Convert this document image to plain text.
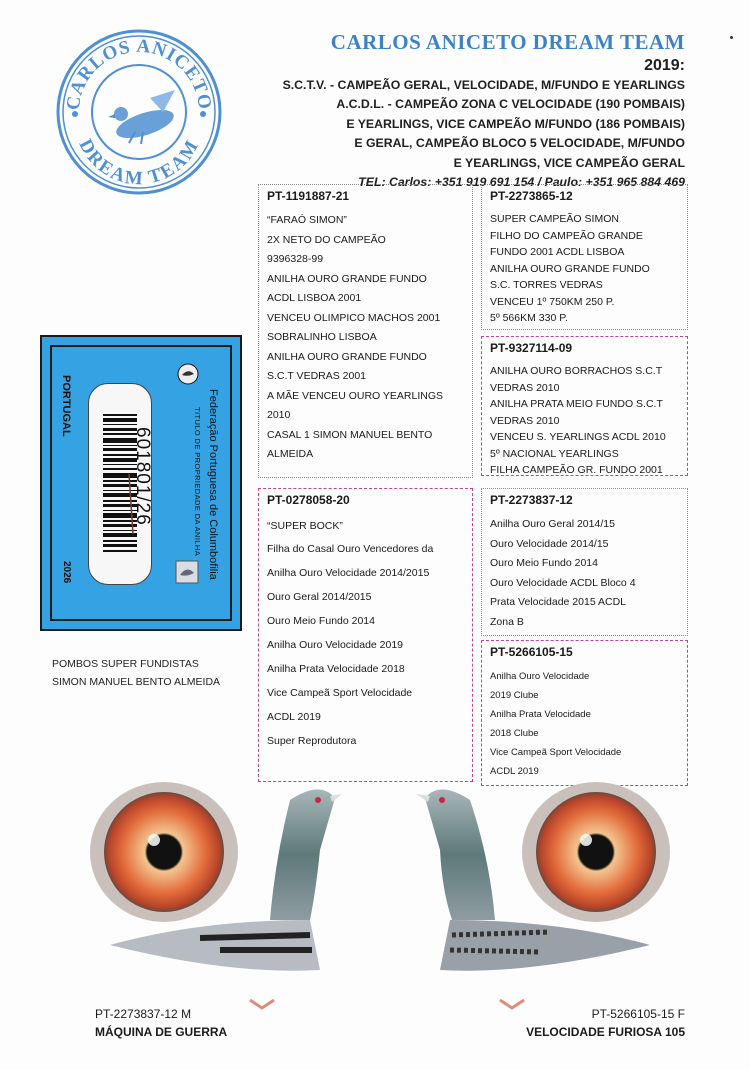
CARLOS ANICETO
DREAM TEAM
CARLOS ANICETO DREAM TEAM
2019:
S.C.T.V. - CAMPEÃO GERAL, VELOCIDADE, M/FUNDO E YEARLINGS
A.C.D.L. - CAMPEÃO ZONA C VELOCIDADE (190 POMBAIS)
E YEARLINGS, VICE CAMPEÃO M/FUNDO (186 POMBAIS)
E GERAL, CAMPEÃO BLOCO 5 VELOCIDADE, M/FUNDO
E YEARLINGS, VICE CAMPEÃO GERAL
TEL: Carlos: +351 919 691 154 / Paulo: +351 965 884 469
PT-1191887-21
“FARAÓ SIMON”
2X NETO DO CAMPEÃO
9396328-99
ANILHA OURO GRANDE FUNDO
ACDL LISBOA 2001
VENCEU OLIMPICO MACHOS 2001
SOBRALINHO LISBOA
ANILHA OURO GRANDE FUNDO
S.C.T VEDRAS 2001
A MÃE VENCEU OURO YEARLINGS
2010
CASAL 1 SIMON MANUEL BENTO
ALMEIDA
PT-2273865-12
SUPER CAMPEÃO SIMON
FILHO DO CAMPEÃO GRANDE
FUNDO 2001 ACDL LISBOA
ANILHA OURO GRANDE FUNDO
S.C. TORRES VEDRAS
VENCEU 1º 750KM 250 P.
5º 566KM 330 P.
PT-9327114-09
ANILHA OURO BORRACHOS S.C.T
VEDRAS 2010
ANILHA PRATA MEIO FUNDO S.C.T
VEDRAS 2010
VENCEU S. YEARLINGS ACDL 2010
5º NACIONAL YEARLINGS
FILHA CAMPEÃO GR. FUNDO 2001
PT-0278058-20
“SUPER BOCK”
Filha do Casal Ouro Vencedores da
Anilha Ouro Velocidade 2014/2015
Ouro Geral 2014/2015
Ouro Meio Fundo 2014
Anilha Ouro Velocidade 2019
Anilha Prata Velocidade 2018
Vice Campeã Sport Velocidade
ACDL 2019
Super Reprodutora
PT-2273837-12
Anilha Ouro Geral 2014/15
Ouro Velocidade 2014/15
Ouro Meio Fundo 2014
Ouro Velocidade ACDL Bloco 4
Prata Velocidade 2015 ACDL
Zona B
PT-5266105-15
Anilha Ouro Velocidade
2019 Clube
Anilha Prata Velocidade
2018 Clube
Vice Campeã Sport Velocidade
ACDL 2019
Federação Portuguesa de Columbofilia
TITULO DE PROPRIEDADE DA ANILHA
PORTUGAL
2026
601801/26
POMBOS SUPER FUNDISTAS
SIMON MANUEL BENTO ALMEIDA
PT-2273837-12 M
MÁQUINA DE GUERRA
PT-5266105-15 F
VELOCIDADE FURIOSA 105
